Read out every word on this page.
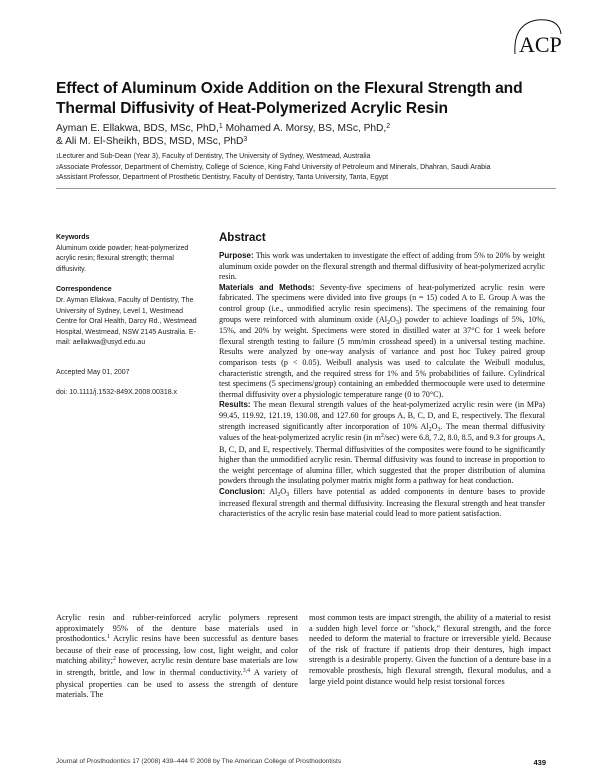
ACP
Effect of Aluminum Oxide Addition on the Flexural Strength and Thermal Diffusivity of Heat-Polymerized Acrylic Resin
Ayman E. Ellakwa, BDS, MSc, PhD,$^1$ Mohamed A. Morsy, BS, MSc, PhD,$^2$
& Ali M. El-Sheikh, BDS, MSD, MSc, PhD$^3$
$^1$Lecturer and Sub-Dean (Year 3), Faculty of Dentistry, The University of Sydney, Westmead, Australia
$^2$Associate Professor, Department of Chemistry, College of Science, King Fahd University of Petroleum and Minerals, Dhahran, Saudi Arabia
$^3$Assistant Professor, Department of Prosthetic Dentistry, Faculty of Dentistry, Tanta University, Tanta, Egypt

Keywords

Aluminum oxide powder; heat-polymerized acrylic resin; flexural strength; thermal diffusivity.

Correspondence

Dr. Ayman Ellakwa, Faculty of Dentistry, The University of Sydney, Level 1, Westmead Centre for Oral Health, Darcy Rd., Westmead Hospital, Westmead, NSW 2145 Australia. E-mail: aellakwa@usyd.edu.au

Accepted May 01, 2007

doi: 10.1111/j.1532-849X.2008.00318.x

Abstract

Purpose: This work was undertaken to investigate the effect of adding from 5% to 20% by weight aluminum oxide powder on the flexural strength and thermal diffusivity of heat-polymerized acrylic resin.

Materials and Methods: Seventy-five specimens of heat-polymerized acrylic resin were fabricated. The specimens were divided into five groups (n = 15) coded A to E. Group A was the control group (i.e., unmodified acrylic resin specimens). The specimens of the remaining four groups were reinforced with aluminum oxide $(Al_2O_3)$ powder to achieve loadings of 5%, 10%, 15%, and 20% by weight. Specimens were stored in distilled water at 37°C for 1 week before flexural strength testing to failure (5 mm/min crosshead speed) in a universal testing machine. Results were analyzed by one-way analysis of variance and post hoc Tukey paired group comparison tests (p < 0.05). Weibull analysis was used to calculate the Weibull modulus, characteristic strength, and the required stress for 1% and 5% probabilities of failure. Cylindrical test specimens (5 specimens/group) containing an embedded thermocouple were used to determine thermal diffusivity over a physiologic temperature range (0 to 70°C).

Results: The mean flexural strength values of the heat-polymerized acrylic resin were (in MPa) 99.45, 119.92, 121.19, 130.08, and 127.60 for groups A, B, C, D, and E, respectively. The flexural strength increased significantly after incorporation of 10% $Al_2O_3$. The mean thermal diffusivity values of the heat-polymerized acrylic resin (in $m^2/\sec$) were 6.8, 7.2, 8.0, 8.5, and 9.3 for groups A, B, C, D, and E, respectively. Thermal diffusivities of the composites were found to be significantly higher than the unmodified acrylic resin. Thermal diffusivity was found to increase in proportion to the weight percentage of alumina filler, which suggested that the proper distribution of alumina powders through the insulating polymer matrix might form a pathway for heat conduction.

Conclusion: $Al_2O_3$ fillers have potential as added components in denture bases to provide increased flexural strength and thermal diffusivity. Increasing the flexural strength and heat transfer characteristics of the acrylic resin base material could lead to more patient satisfaction.

Acrylic resin and rubber-reinforced acrylic polymers represent approximately 95% of the denture base materials used in prosthodontics.$^1$ Acrylic resins have been successful as denture bases because of their ease of processing, low cost, light weight, and color matching ability;$^2$ however, acrylic resin denture base materials are low in strength, brittle, and low in thermal conductivity.$^{3,4}$ A variety of physical properties can be used to assess the strength of denture materials. The

most common tests are impact strength, the ability of a material to resist a sudden high level force or "shock," flexural strength, and the force needed to deform the material to fracture or irreversible yield. Because of the risk of fracture if patients drop their dentures, high impact strength is a desirable property. Given the function of a denture base in a removable prosthesis, high flexural strength, flexural modulus, and a large yield point distance would help resist torsional forces

Journal of Prosthodontics 17 (2008) 439–444 © 2008 by The American College of Prosthodontists	439
